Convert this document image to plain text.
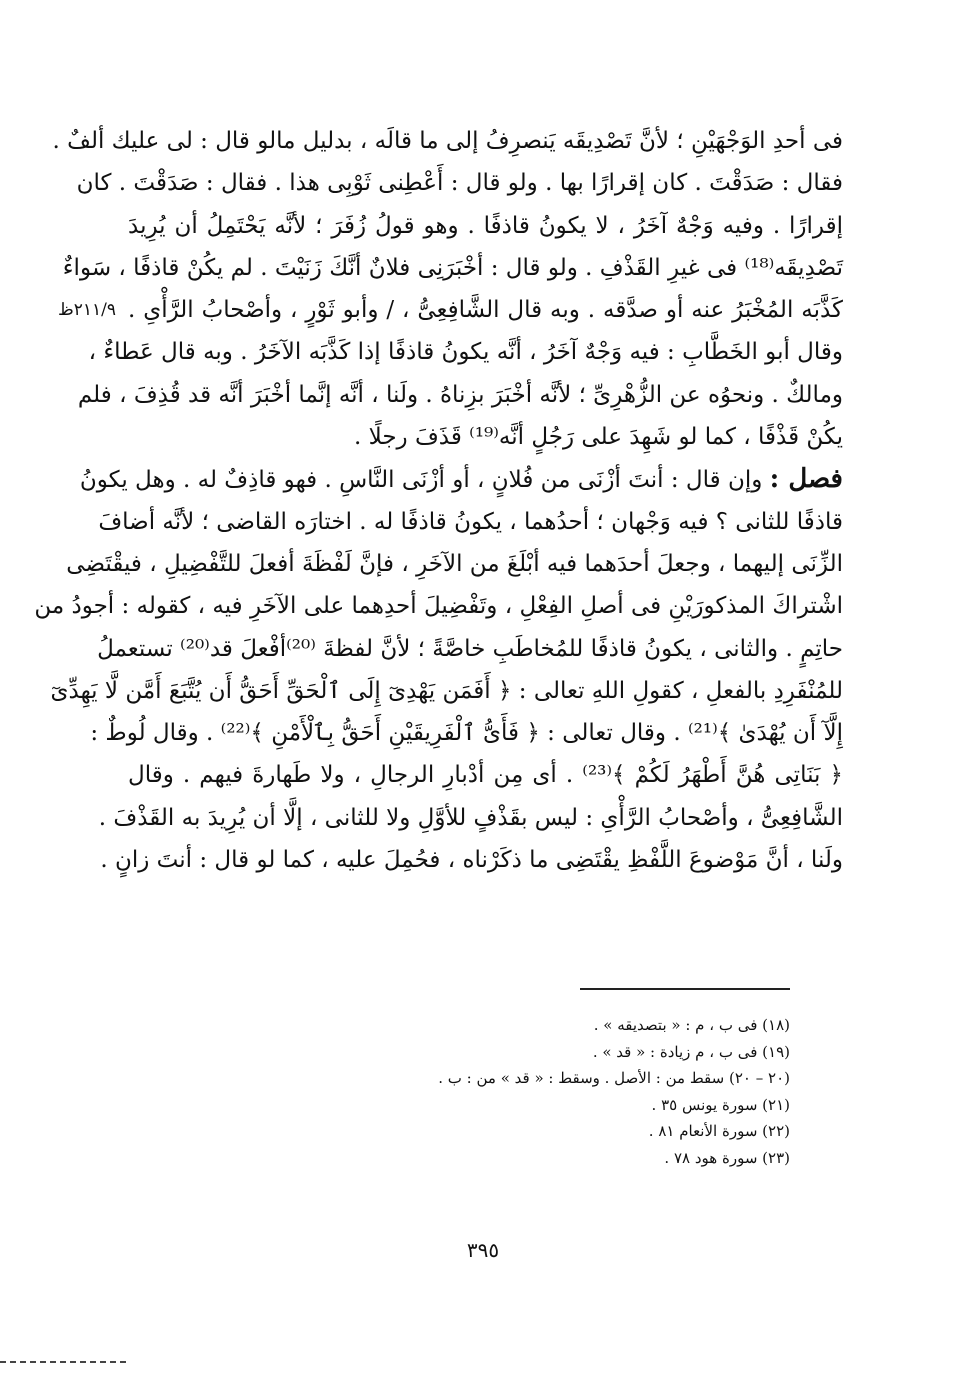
٢١١/٩ظ
فى أحدِ الوَجْهَيْنِ ؛ لأنَّ تَصْدِيقَه يَنصرِفُ إلى ما قالَه ، بدليل مالو قال : لى عليك ألفٌ .
فقال : صَدَقْتَ . كان إقرارًا بها . ولو قال : أَعْطِنى ثَوْبِى هذا . فقال : صَدَقْتَ . كان
إقرارًا . وفيه وَجْهٌ آخَرُ ، لا يكونُ قاذفًا . وهو قولُ زُفَرَ ؛ لأنَّه يَحْتَمِلُ أن يُرِيدَ
تَصْدِيقَه⁽¹⁸⁾ فى غيرِ القَذْفِ . ولو قال : أخْبَرَنِى فلانٌ أنَّكَ زَنَيْتَ . لم يكُنْ قاذفًا ، سَواءٌ
كَذَّبَه المُخْبَرُ عنه أو صدَّقه . وبه قال الشَّافِعِىُّ ، / وأبو ثَوْرٍ ، وأصْحابُ الرَّأْىِ .
وقال أبو الخَطَّابِ : فيه وَجْهٌ آخَرُ ، أنَّه يكونُ قاذفًا إذا كَذَّبَه الآخَرُ . وبه قال عَطاءٌ ،
ومالكٌ . ونحوُه عن الزُّهْرِىِّ ؛ لأنَّه أخْبَرَ بزِناهُ . ولَنا ، أنَّه إنَّما أخْبَرَ أنَّه قد قُذِفَ ، فلم
يكُنْ قَذْفًا ، كما لو شَهِدَ على رَجُلٍ أنَّه⁽¹⁹⁾ قَذَفَ رجلًا .
فصل : وإن قال : أنتَ أزْنَى من فُلانٍ ، أو أزْنَى النَّاسِ . فهو قاذِفٌ له . وهل يكونُ
قاذفًا للثانى ؟ فيه وَجْهان ؛ أحدُهما ، يكونُ قاذفًا له . اختارَه القاضى ؛ لأنَّه أضافَ
الزِّنَى إليهما ، وجعلَ أحدَهما فيه أبْلَغَ من الآخَرِ ، فإنَّ لَفْظَةَ أفعلَ للتَّفْضِيلِ ، فيقْتَضِى
اشْتراكَ المذكورَيْنِ فى أصلِ الفِعْلِ ، وتَفْضِيلَ أحدِهما على الآخَرِ فيه ، كقوله : أجودُ من
حاتِمٍ . والثانى ، يكونُ قاذفًا للمُخاطَبِ خاصَّةً ؛ لأنَّ لفظةَ ⁽²⁰⁾أفْعلَ قد⁽²⁰⁾ تستعملُ
للمُنْفَرِدِ بالفعلِ ، كقولِ اللهِ تعالى : ﴿ أَفَمَن يَهْدِىٓ إِلَى ٱلْحَقِّ أَحَقُّ أَن يُتَّبَعَ أَمَّن لَّا يَهِدِّىٓ
إِلَّآ أَن يُهْدَىٰ ﴾⁽²¹⁾ . وقال تعالى : ﴿ فَأَىُّ ٱلْفَرِيقَيْنِ أَحَقُّ بِٱلْأَمْنِ ﴾⁽²²⁾ . وقال لُوطٌ :
﴿ بَنَاتِى هُنَّ أَطْهَرُ لَكُمْ ﴾⁽²³⁾ . أى مِن أدْبارِ الرجالِ ، ولا طَهارةَ فيهم . وقال
الشَّافِعِىُّ ، وأصْحابُ الرَّأْىِ : ليس بقَذْفٍ للأوَّلِ ولا للثانى ، إلَّا أن يُرِيدَ به القَذْفَ .
ولَنا ، أنَّ مَوْضوعَ اللَّفْظِ يقْتَضِى ما ذكَرْناه ، فحُمِلَ عليه ، كما لو قال : أنتَ زانٍ .
(١٨) فى ب ، م : « بتصديقه » .
(١٩) فى ب ، م زيادة : « قد » .
(٢٠ – ٢٠) سقط من : الأصل . وسقط : « قد » من : ب .
(٢١) سورة يونس ٣٥ .
(٢٢) سورة الأنعام ٨١ .
(٢٣) سورة هود ٧٨ .
٣٩٥
